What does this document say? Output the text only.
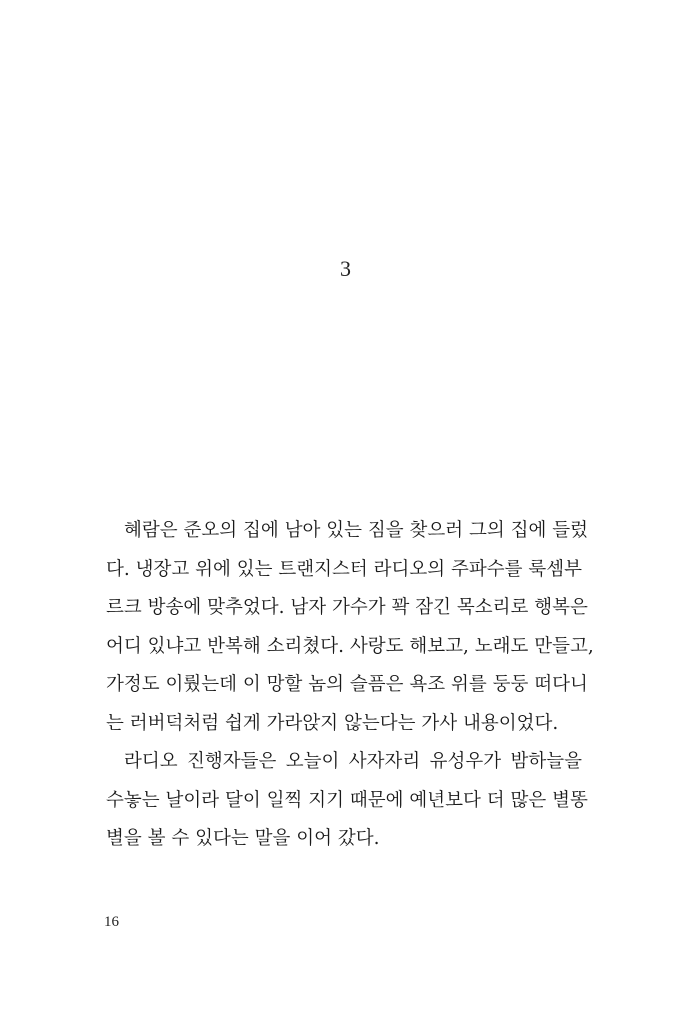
3
혜람은 준오의 집에 남아 있는 짐을 찾으러 그의 집에 들렀
다. 냉장고 위에 있는 트랜지스터 라디오의 주파수를 룩셈부
르크 방송에 맞추었다. 남자 가수가 꽉 잠긴 목소리로 행복은
어디 있냐고 반복해 소리쳤다. 사랑도 해보고, 노래도 만들고,
가정도 이뤘는데 이 망할 놈의 슬픔은 욕조 위를 둥둥 떠다니
는 러버덕처럼 쉽게 가라앉지 않는다는 가사 내용이었다.
라디오 진행자들은 오늘이 사자자리 유성우가 밤하늘을
수놓는 날이라 달이 일찍 지기 때문에 예년보다 더 많은 별똥
별을 볼 수 있다는 말을 이어 갔다.
16
